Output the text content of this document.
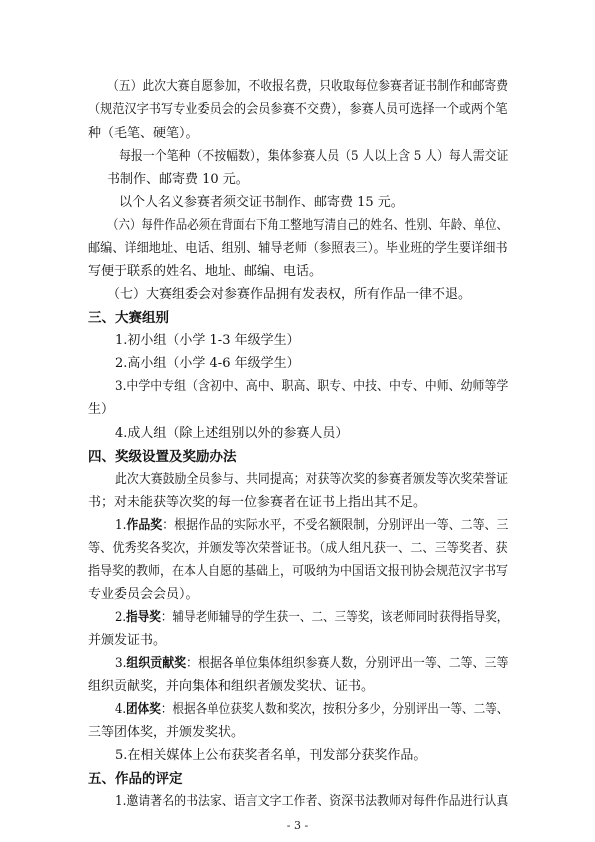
（五）此次大赛自愿参加，不收报名费，只收取每位参赛者证书制作和邮寄费
（规范汉字书写专业委员会的会员参赛不交费），参赛人员可选择一个或两个笔
种（毛笔、硬笔）。
每报一个笔种（不按幅数），集体参赛人员（5 人以上含 5 人）每人需交证
书制作、邮寄费 10 元。
以个人名义参赛者须交证书制作、邮寄费 15 元。
（六）每件作品必须在背面右下角工整地写清自己的姓名、性别、年龄、单位、
邮编、详细地址、电话、组别、辅导老师（参照表三）。毕业班的学生要详细书
写便于联系的姓名、地址、邮编、电话。
（七）大赛组委会对参赛作品拥有发表权，所有作品一律不退。
三、大赛组别
1.初小组（小学 1-3 年级学生）
2.高小组（小学 4-6 年级学生）
3.中学中专组（含初中、高中、职高、职专、中技、中专、中师、幼师等学
生）
4.成人组（除上述组别以外的参赛人员）
四、奖级设置及奖励办法
此次大赛鼓励全员参与、共同提高；对获等次奖的参赛者颁发等次奖荣誉证
书；对未能获等次奖的每一位参赛者在证书上指出其不足。
1.作品奖：根据作品的实际水平，不受名额限制，分别评出一等、二等、三
等、优秀奖各奖次，并颁发等次荣誉证书。（成人组凡获一、二、三等奖者、获
指导奖的教师，在本人自愿的基础上，可吸纳为中国语文报刊协会规范汉字书写
专业委员会会员）。
2.指导奖：辅导老师辅导的学生获一、二、三等奖，该老师同时获得指导奖，
并颁发证书。
3.组织贡献奖：根据各单位集体组织参赛人数，分别评出一等、二等、三等
组织贡献奖，并向集体和组织者颁发奖状、证书。
4.团体奖：根据各单位获奖人数和奖次，按积分多少，分别评出一等、二等、
三等团体奖，并颁发奖状。
5.在相关媒体上公布获奖者名单，刊发部分获奖作品。
五、作品的评定
1.邀请著名的书法家、语言文字工作者、资深书法教师对每件作品进行认真
- 3 -
